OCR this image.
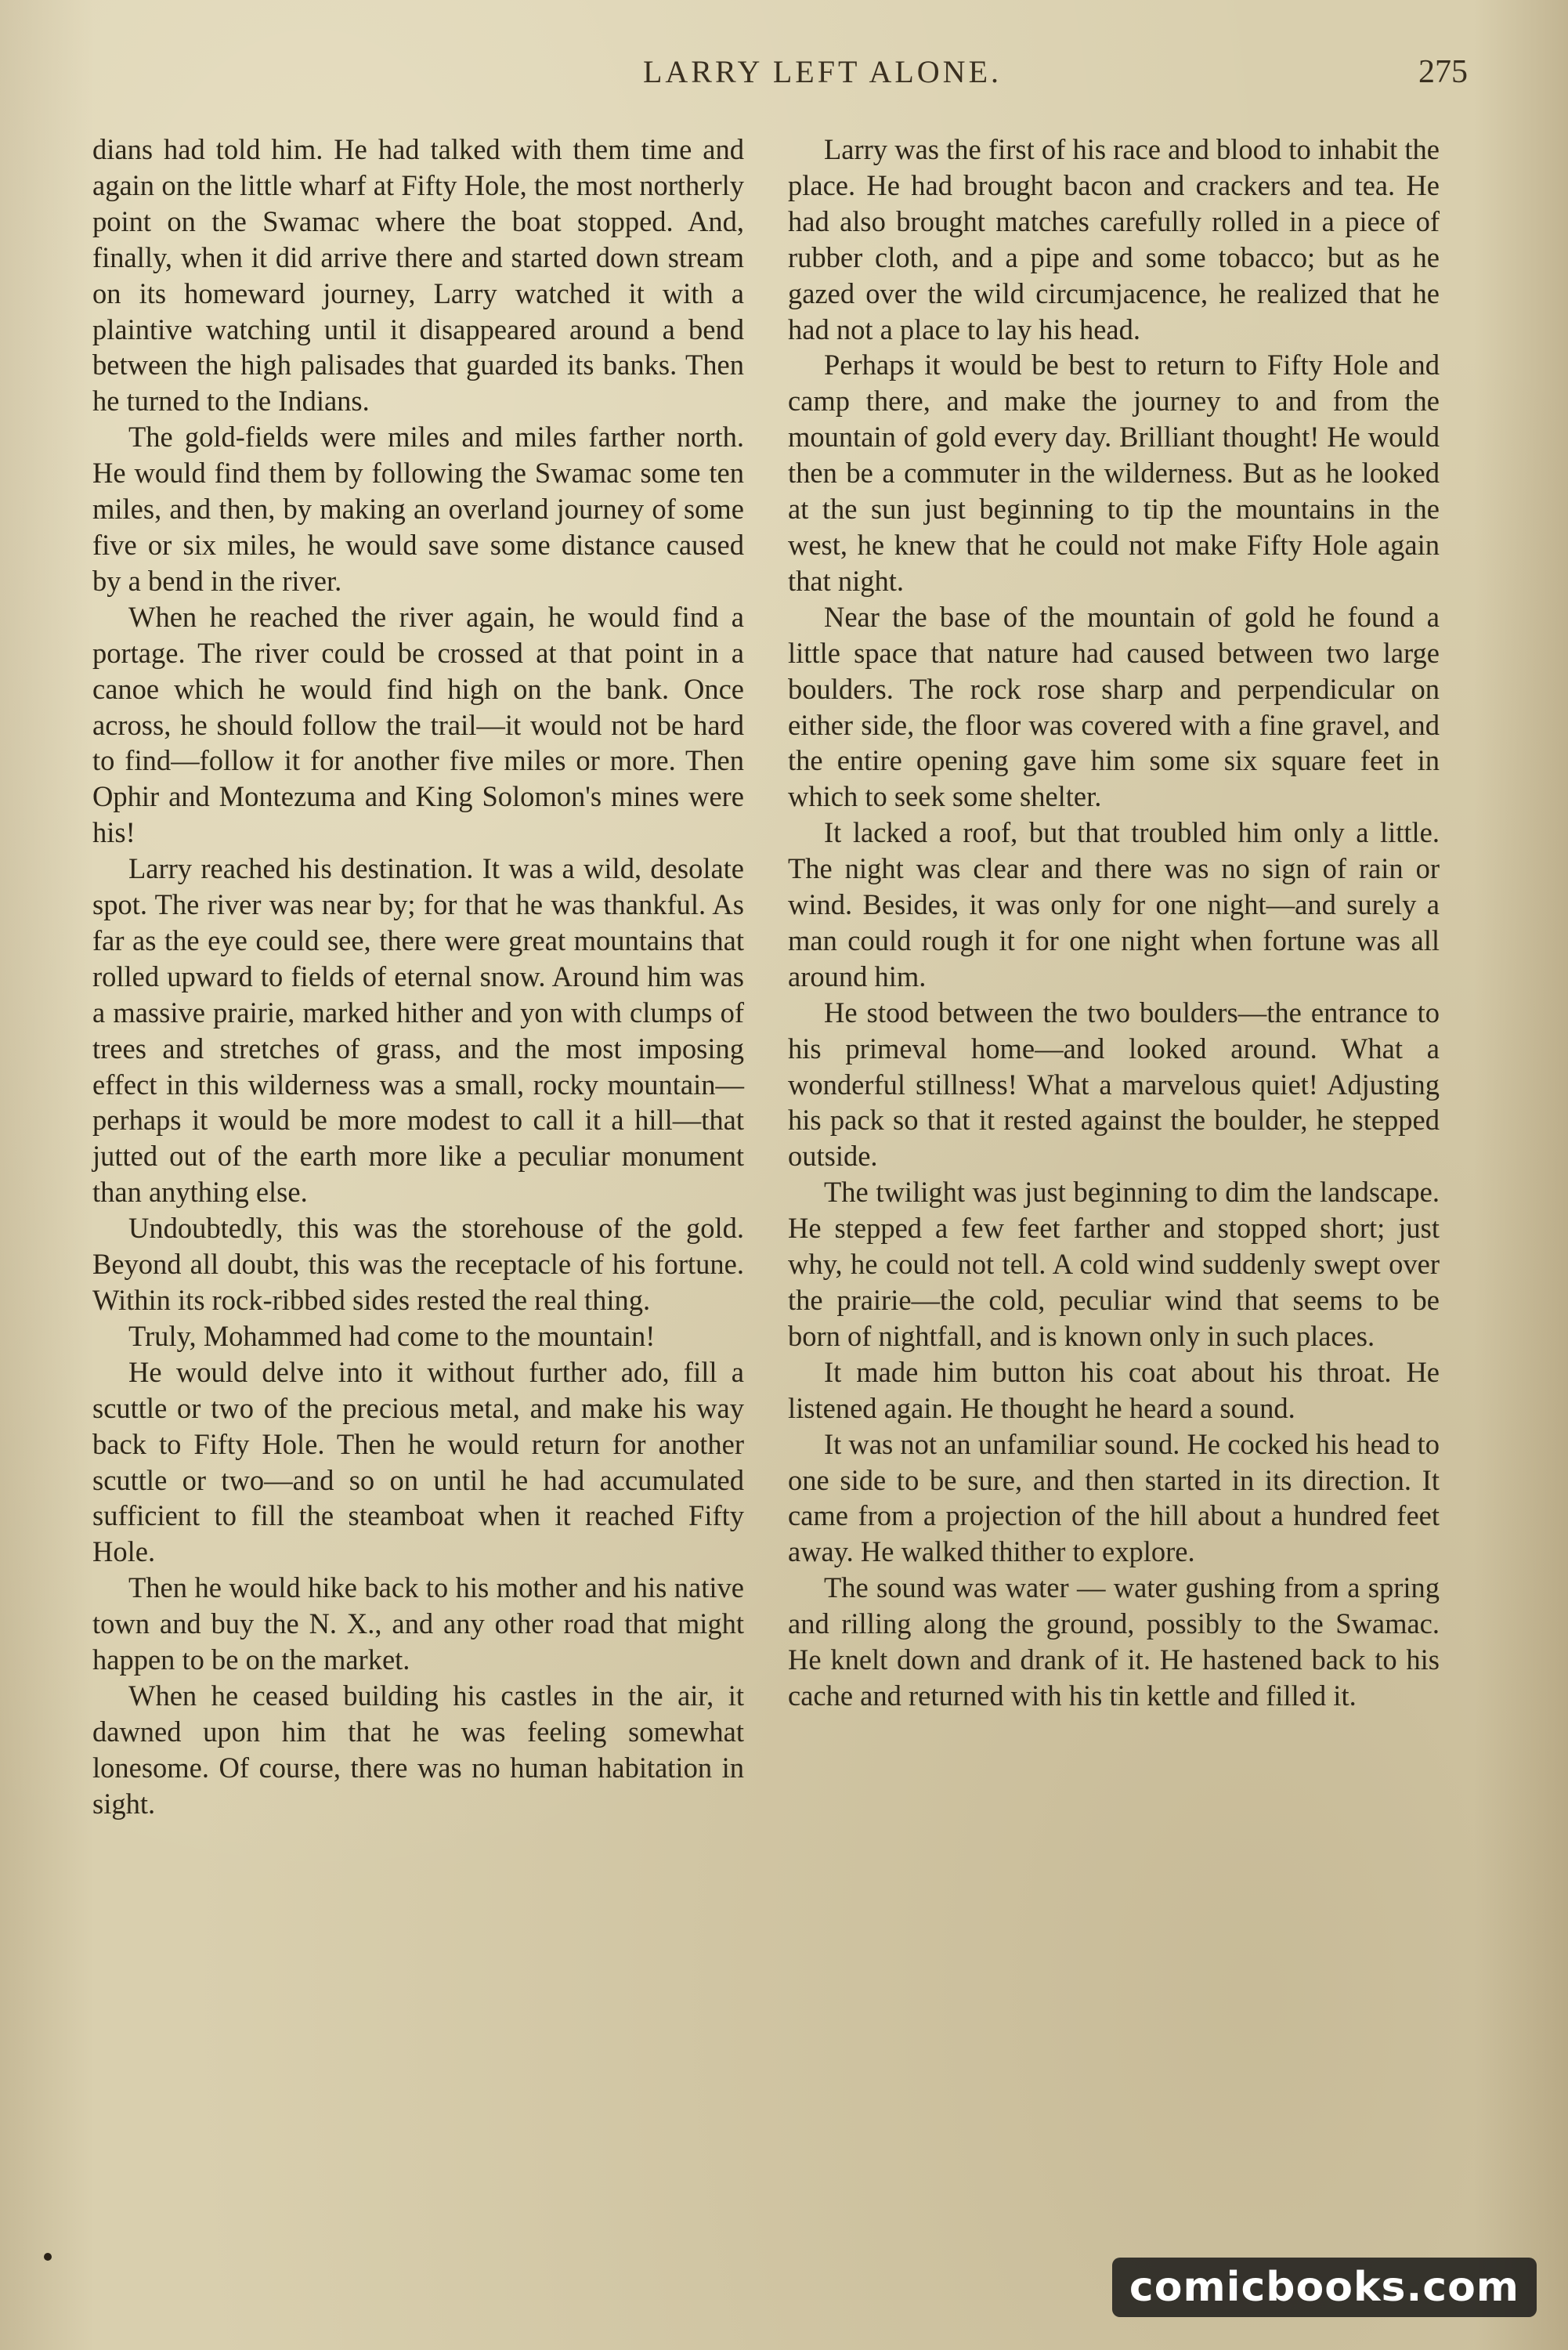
LARRY LEFT ALONE.	275

dians had told him. He had talked with them time and again on the little wharf at Fifty Hole, the most northerly point on the Swamac where the boat stopped. And, finally, when it did arrive there and started down stream on its homeward journey, Larry watched it with a plaintive watching until it disappeared around a bend between the high palisades that guarded its banks. Then he turned to the Indians.

The gold-fields were miles and miles farther north. He would find them by following the Swamac some ten miles, and then, by making an overland journey of some five or six miles, he would save some distance caused by a bend in the river.

When he reached the river again, he would find a portage. The river could be crossed at that point in a canoe which he would find high on the bank. Once across, he should follow the trail—it would not be hard to find—follow it for another five miles or more. Then Ophir and Montezuma and King Solomon's mines were his!

Larry reached his destination. It was a wild, desolate spot. The river was near by; for that he was thankful. As far as the eye could see, there were great mountains that rolled upward to fields of eternal snow. Around him was a massive prairie, marked hither and yon with clumps of trees and stretches of grass, and the most imposing effect in this wilderness was a small, rocky mountain—perhaps it would be more modest to call it a hill—that jutted out of the earth more like a peculiar monument than anything else.

Undoubtedly, this was the storehouse of the gold. Beyond all doubt, this was the receptacle of his fortune. Within its rock-ribbed sides rested the real thing.

Truly, Mohammed had come to the mountain!

He would delve into it without further ado, fill a scuttle or two of the precious metal, and make his way back to Fifty Hole. Then he would return for another scuttle or two—and so on until he had accumulated sufficient to fill the steamboat when it reached Fifty Hole.

Then he would hike back to his mother and his native town and buy the N. X., and any other road that might happen to be on the market.

When he ceased building his castles in the air, it dawned upon him that he was feeling somewhat lonesome. Of course, there was no human habitation in sight.

Larry was the first of his race and blood to inhabit the place. He had brought bacon and crackers and tea. He had also brought matches carefully rolled in a piece of rubber cloth, and a pipe and some tobacco; but as he gazed over the wild circumjacence, he realized that he had not a place to lay his head.

Perhaps it would be best to return to Fifty Hole and camp there, and make the journey to and from the mountain of gold every day. Brilliant thought! He would then be a commuter in the wilderness. But as he looked at the sun just beginning to tip the mountains in the west, he knew that he could not make Fifty Hole again that night.

Near the base of the mountain of gold he found a little space that nature had caused between two large boulders. The rock rose sharp and perpendicular on either side, the floor was covered with a fine gravel, and the entire opening gave him some six square feet in which to seek some shelter.

It lacked a roof, but that troubled him only a little. The night was clear and there was no sign of rain or wind. Besides, it was only for one night—and surely a man could rough it for one night when fortune was all around him.

He stood between the two boulders—the entrance to his primeval home—and looked around. What a wonderful stillness! What a marvelous quiet! Adjusting his pack so that it rested against the boulder, he stepped outside.

The twilight was just beginning to dim the landscape. He stepped a few feet farther and stopped short; just why, he could not tell. A cold wind suddenly swept over the prairie—the cold, peculiar wind that seems to be born of nightfall, and is known only in such places.

It made him button his coat about his throat. He listened again. He thought he heard a sound.

It was not an unfamiliar sound. He cocked his head to one side to be sure, and then started in its direction. It came from a projection of the hill about a hundred feet away. He walked thither to explore.

The sound was water — water gushing from a spring and rilling along the ground, possibly to the Swamac. He knelt down and drank of it. He hastened back to his cache and returned with his tin kettle and filled it.

comicbooks.com
